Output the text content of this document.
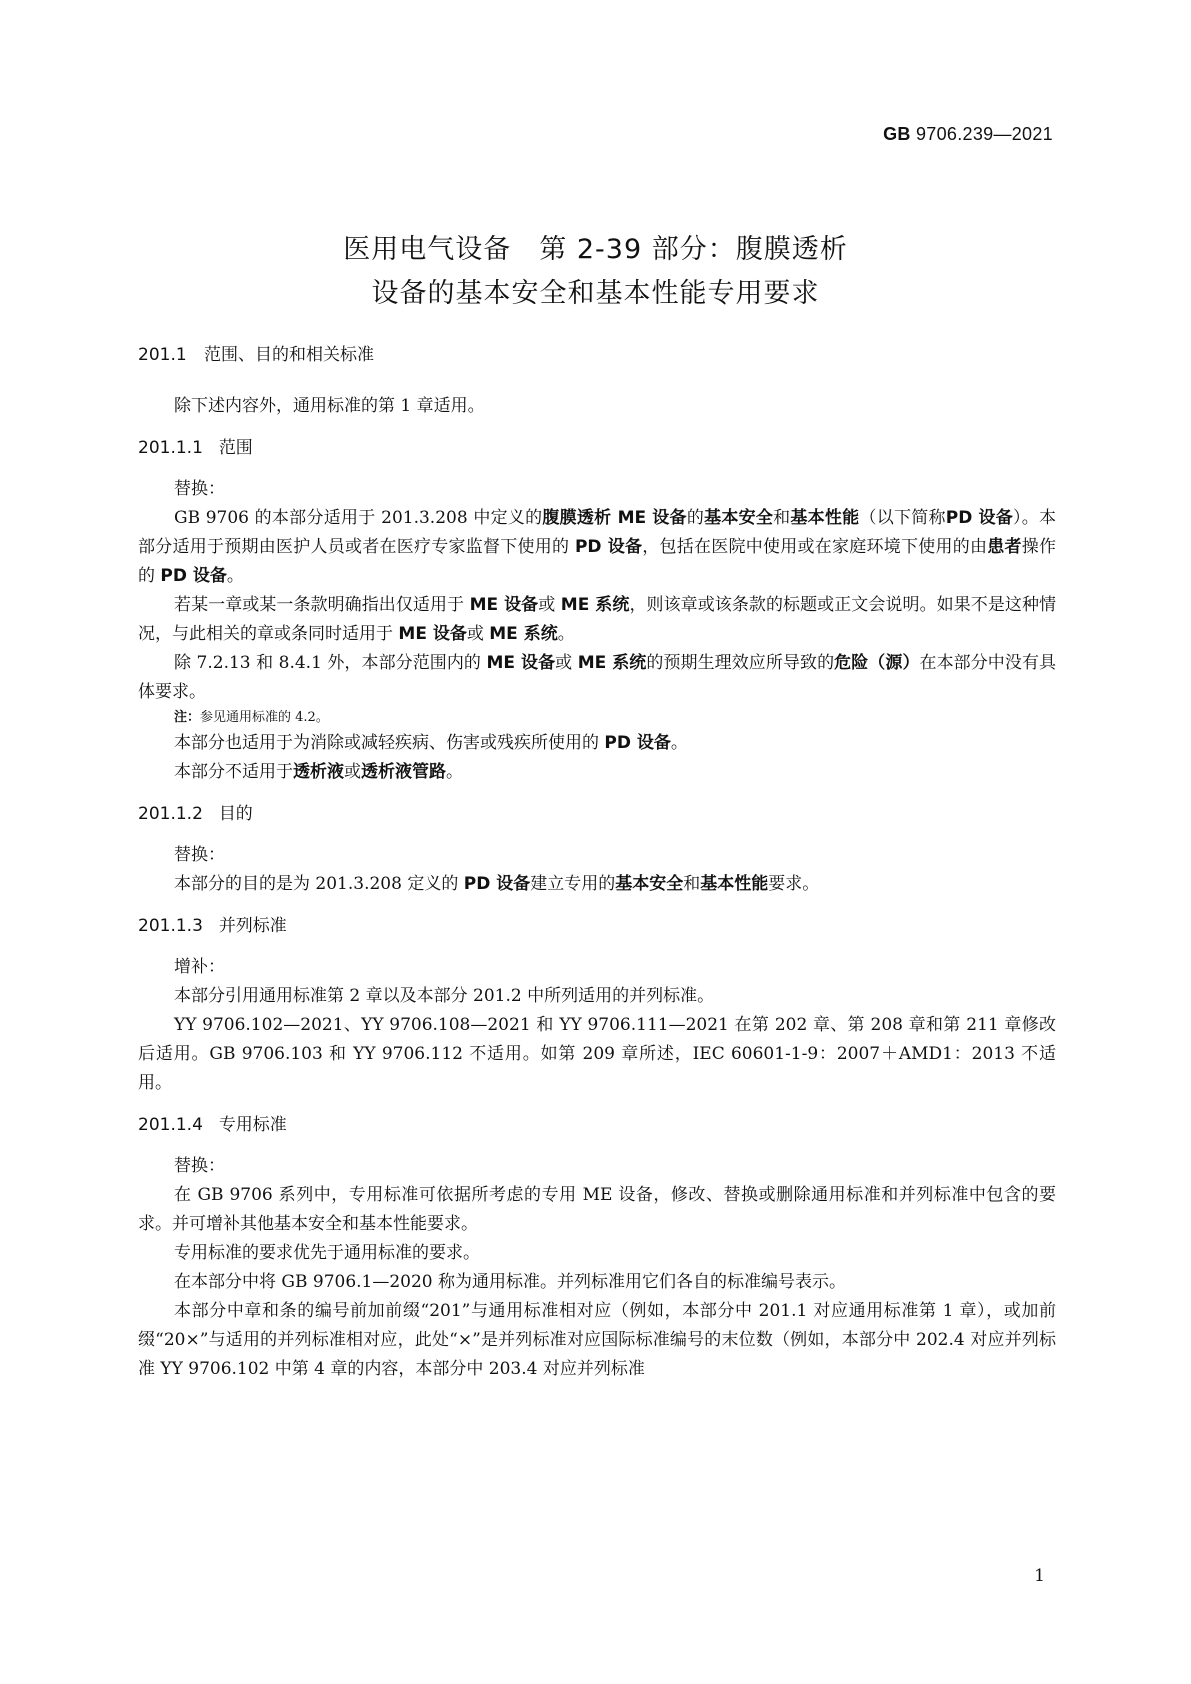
GB 9706.239—2021
医用电气设备　第 2-39 部分：腹膜透析
设备的基本安全和基本性能专用要求
201.1 范围、目的和相关标准

除下述内容外，通用标准的第 1 章适用。

201.1.1 范围

替换：

GB 9706 的本部分适用于 201.3.208 中定义的腹膜透析 ME 设备的基本安全和基本性能（以下简称PD 设备）。本部分适用于预期由医护人员或者在医疗专家监督下使用的 PD 设备，包括在医院中使用或在家庭环境下使用的由患者操作的 PD 设备。

若某一章或某一条款明确指出仅适用于 ME 设备或 ME 系统，则该章或该条款的标题或正文会说明。如果不是这种情况，与此相关的章或条同时适用于 ME 设备或 ME 系统。

除 7.2.13 和 8.4.1 外，本部分范围内的 ME 设备或 ME 系统的预期生理效应所导致的危险（源）在本部分中没有具体要求。

注：参见通用标准的 4.2。

本部分也适用于为消除或减轻疾病、伤害或残疾所使用的 PD 设备。

本部分不适用于透析液或透析液管路。

201.1.2 目的

替换：

本部分的目的是为 201.3.208 定义的 PD 设备建立专用的基本安全和基本性能要求。

201.1.3 并列标准

增补：

本部分引用通用标准第 2 章以及本部分 201.2 中所列适用的并列标准。

YY 9706.102—2021、YY 9706.108—2021 和 YY 9706.111—2021 在第 202 章、第 208 章和第 211 章修改后适用。GB 9706.103 和 YY 9706.112 不适用。如第 209 章所述，IEC 60601-1-9：2007＋AMD1：2013 不适用。

201.1.4 专用标准

替换：

在 GB 9706 系列中，专用标准可依据所考虑的专用 ME 设备，修改、替换或删除通用标准和并列标准中包含的要求。并可增补其他基本安全和基本性能要求。

专用标准的要求优先于通用标准的要求。

在本部分中将 GB 9706.1—2020 称为通用标准。并列标准用它们各自的标准编号表示。

本部分中章和条的编号前加前缀“201”与通用标准相对应（例如，本部分中 201.1 对应通用标准第 1 章），或加前缀“20×”与适用的并列标准相对应，此处“×”是并列标准对应国际标准编号的末位数（例如，本部分中 202.4 对应并列标准 YY 9706.102 中第 4 章的内容，本部分中 203.4 对应并列标准

1
